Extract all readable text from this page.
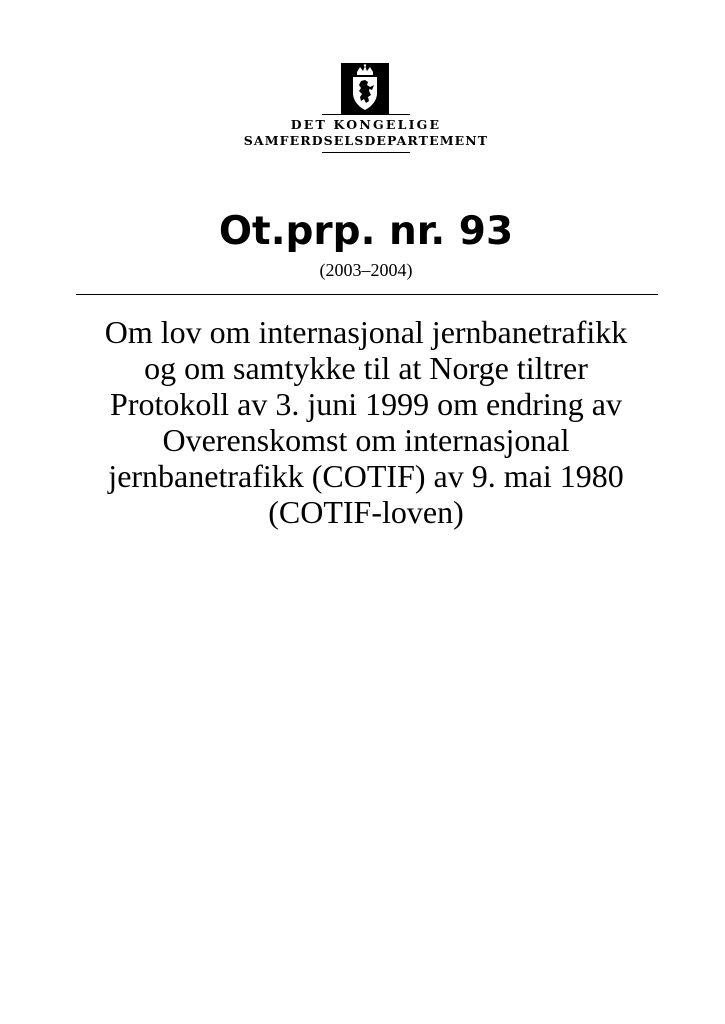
DET KONGELIGE
SAMFERDSELSDEPARTEMENT
Ot.prp. nr. 93
(2003–2004)
Om lov om internasjonal jernbanetrafikk
og om samtykke til at Norge tiltrer
Protokoll av 3. juni 1999 om endring av
Overenskomst om internasjonal
jernbanetrafikk (COTIF) av 9. mai 1980
(COTIF-loven)
